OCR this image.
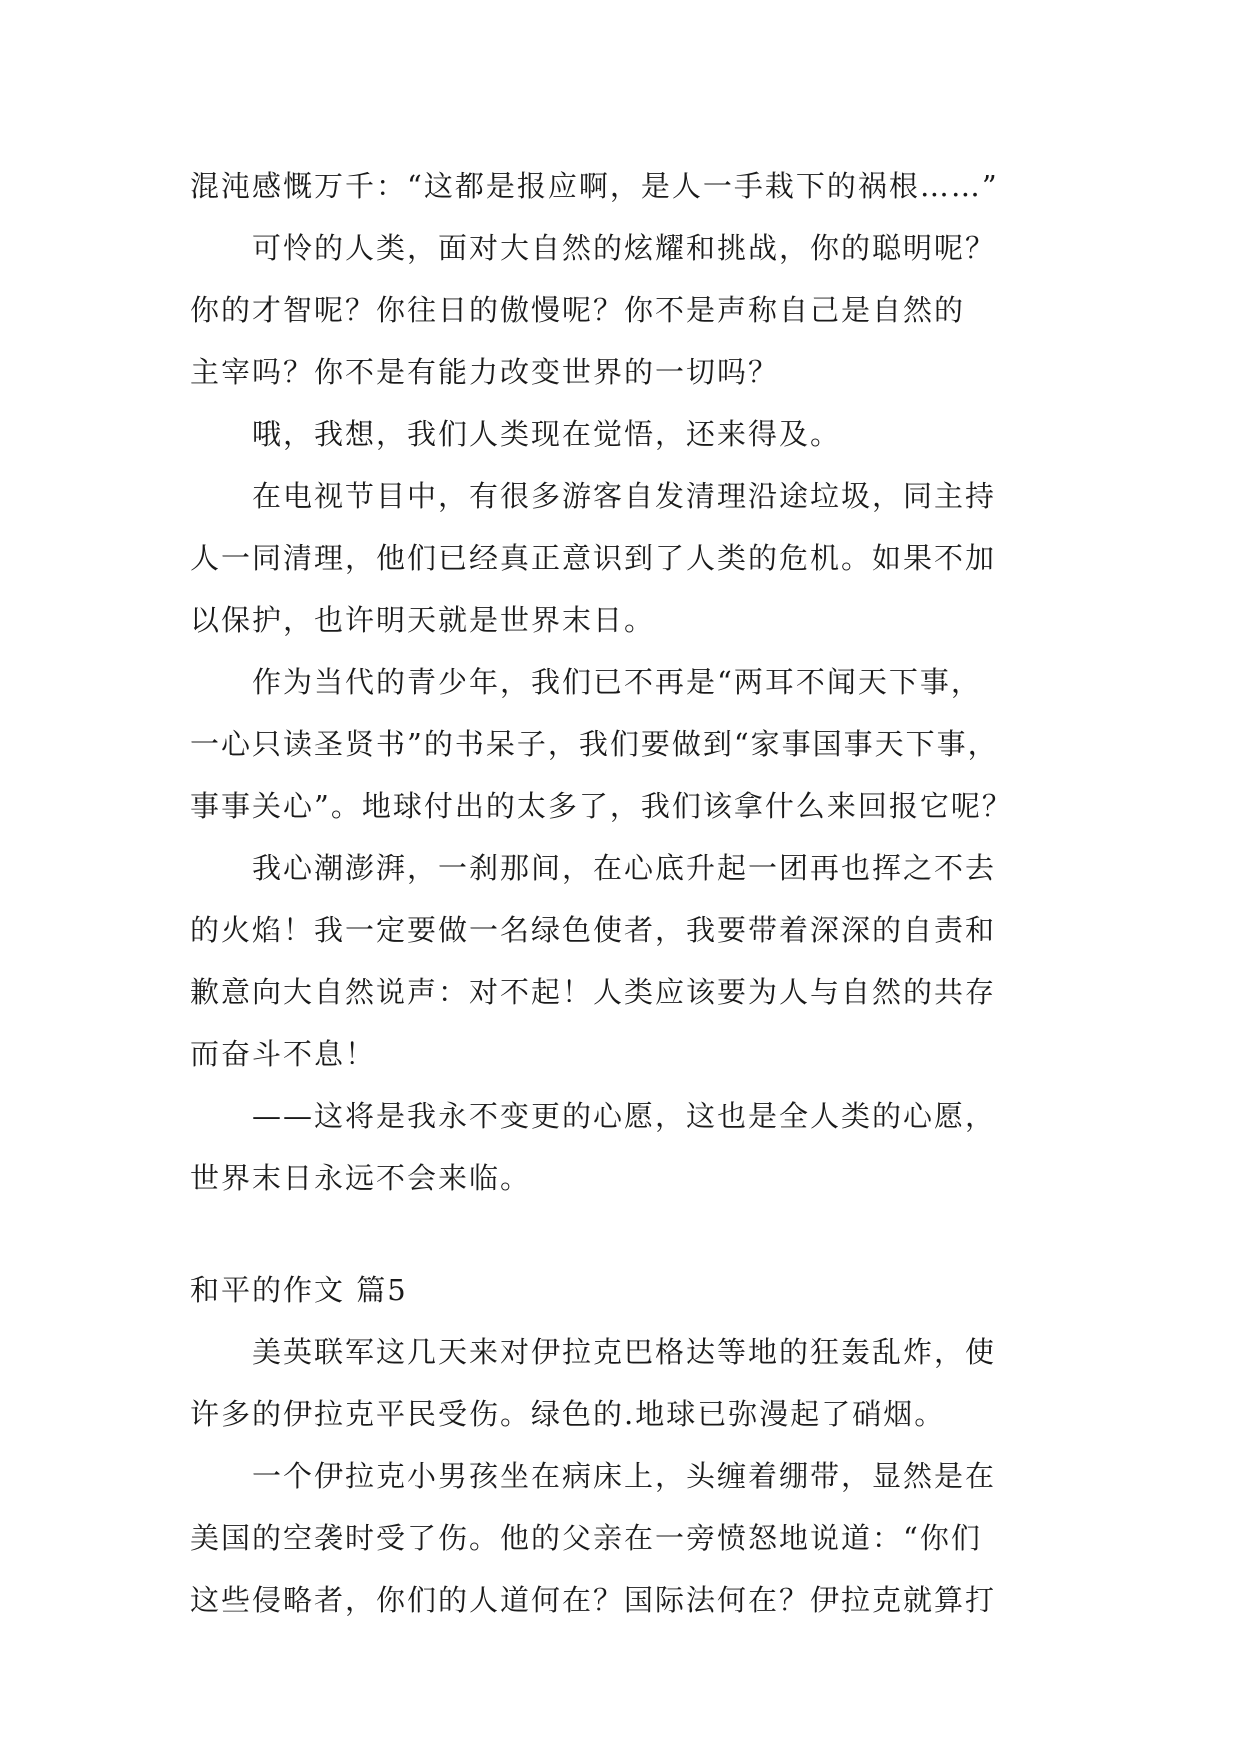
混沌感慨万千：“这都是报应啊，是人一手栽下的祸根……”
可怜的人类，面对大自然的炫耀和挑战，你的聪明呢？
你的才智呢？你往日的傲慢呢？你不是声称自己是自然的
主宰吗？你不是有能力改变世界的一切吗？
哦，我想，我们人类现在觉悟，还来得及。
在电视节目中，有很多游客自发清理沿途垃圾，同主持
人一同清理，他们已经真正意识到了人类的危机。如果不加
以保护，也许明天就是世界末日。
作为当代的青少年，我们已不再是“两耳不闻天下事，
一心只读圣贤书”的书呆子，我们要做到“家事国事天下事，
事事关心”。地球付出的太多了，我们该拿什么来回报它呢？
我心潮澎湃，一刹那间，在心底升起一团再也挥之不去
的火焰！我一定要做一名绿色使者，我要带着深深的自责和
歉意向大自然说声：对不起！人类应该要为人与自然的共存
而奋斗不息！
——这将是我永不变更的心愿，这也是全人类的心愿，
世界末日永远不会来临。
和平的作文 篇5
美英联军这几天来对伊拉克巴格达等地的狂轰乱炸，使
许多的伊拉克平民受伤。绿色的.地球已弥漫起了硝烟。
一个伊拉克小男孩坐在病床上，头缠着绷带，显然是在
美国的空袭时受了伤。他的父亲在一旁愤怒地说道：“你们
这些侵略者，你们的人道何在？国际法何在？伊拉克就算打
